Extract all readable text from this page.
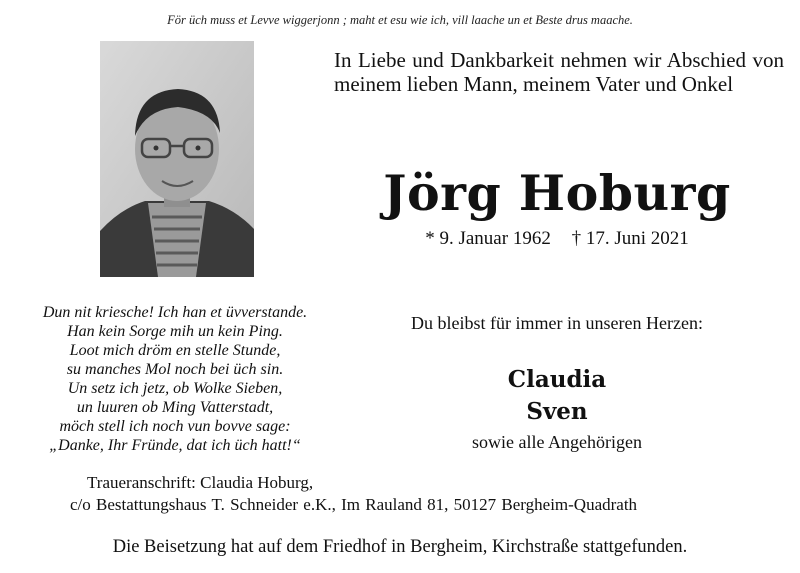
För üch muss et Levve wiggerjonn ; maht et esu wie ich, vill laache un et Beste drus maache.
In Liebe und Dankbarkeit nehmen wir Abschied von meinem lieben Mann, meinem Vater und Onkel
Jörg Hoburg
* 9. Januar 1962 † 17. Juni 2021
Dun nit kriesche! Ich han et üvverstande.
Han kein Sorge mih un kein Ping.
Loot mich dröm en stelle Stunde,
su manches Mol noch bei üch sin.
Un setz ich jetz, ob Wolke Sieben,
un luuren ob Ming Vatterstadt,
möch stell ich noch vun bovve sage:
„Danke, Ihr Fründe, dat ich üch hatt!“
Du bleibst für immer in unseren Herzen:
Claudia
Sven
sowie alle Angehörigen
Traueranschrift: Claudia Hoburg,
c/o Bestattungshaus T. Schneider e.K., Im Rauland 81, 50127 Bergheim-Quadrath
Die Beisetzung hat auf dem Friedhof in Bergheim, Kirchstraße stattgefunden.
